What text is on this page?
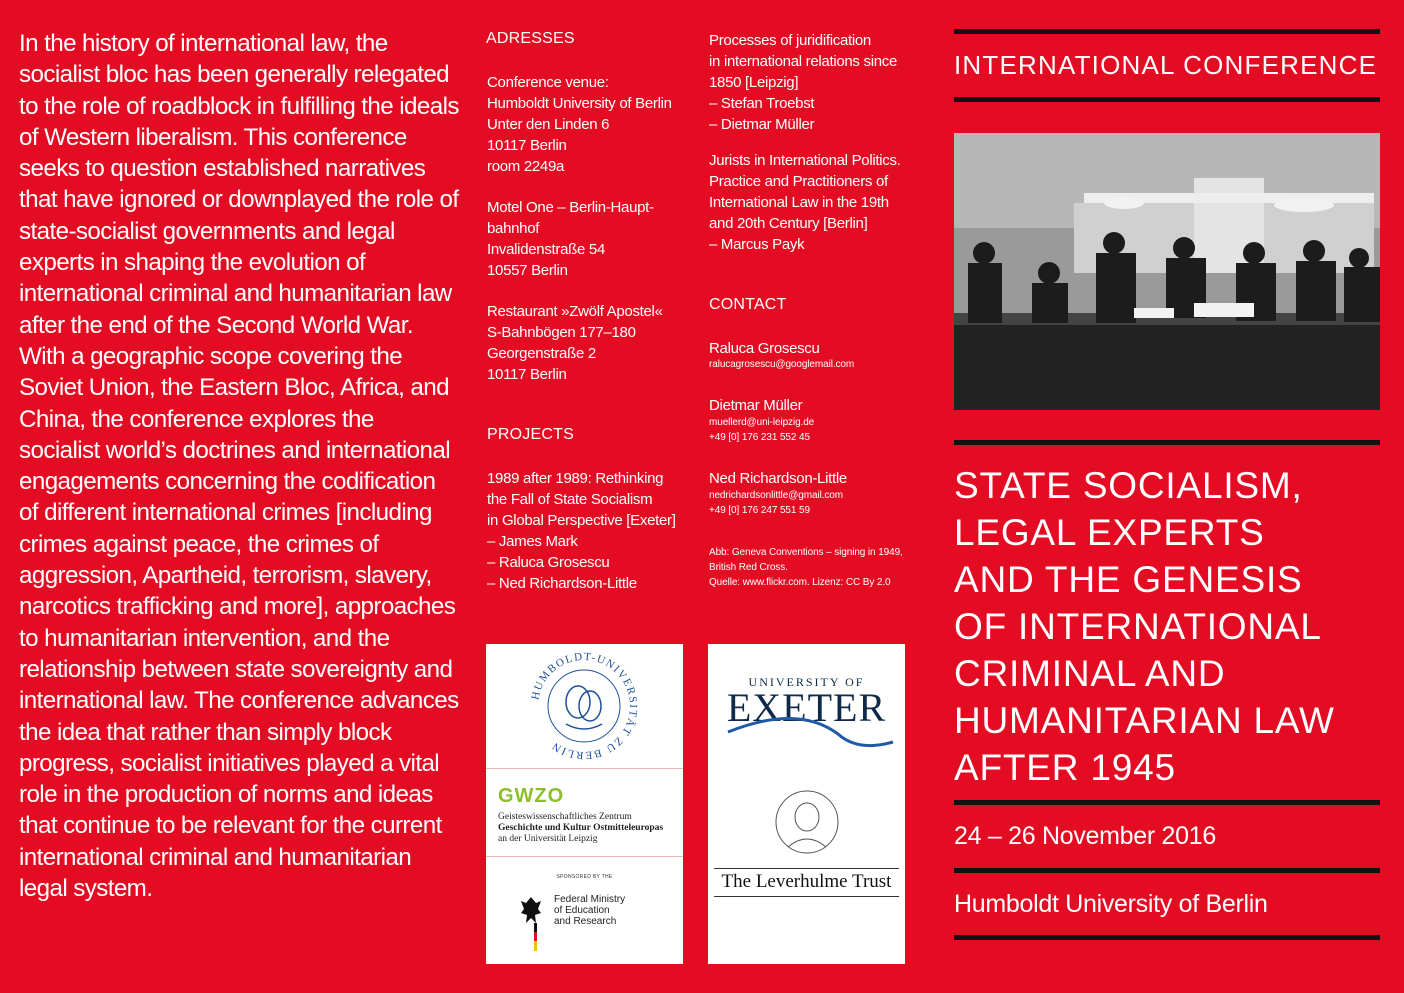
In the history of international law, the socialist bloc has been generally relegated to the role of roadblock in fulfilling the ideals of Western liberalism. This conference seeks to question established narratives that have ignored or downplayed the role of state-socialist governments and legal experts in shaping the evolution of international criminal and humanitarian law after the end of the Second World War. With a geographic scope covering the Soviet Union, the Eastern Bloc, Africa, and China, the conference explores the socialist world’s doctrines and international engagements concerning the codification of different international crimes [including crimes against peace, the crimes of aggression, Apartheid, terrorism, slavery, narcotics trafficking and more], approaches to humanitarian intervention, and the relationship between state sovereignty and international law. The conference advances the idea that rather than simply block progress, socialist initiatives played a vital role in the production of norms and ideas that continue to be relevant for the current international criminal and humanitarian legal system.

ADRESSES

Conference venue:
Humboldt University of Berlin
Unter den Linden 6
10117 Berlin
room 2249a

Motel One – Berlin-Haupt-
bahnhof
Invalidenstraße 54
10557 Berlin

Restaurant »Zwölf Apostel«
S-Bahnbögen 177–180
Georgenstraße 2
10117 Berlin

PROJECTS

1989 after 1989: Rethinking
the Fall of State Socialism
in Global Perspective [Exeter]
– James Mark
– Raluca Grosescu
– Ned Richardson-Little

Processes of juridification
in international relations since
1850 [Leipzig]
– Stefan Troebst
– Dietmar Müller

Jurists in International Politics.
Practice and Practitioners of
International Law in the 19th
and 20th Century [Berlin]
– Marcus Payk

CONTACT

Raluca Grosescu

ralucagrosescu@googlemail.com

Dietmar Müller

muellerd@uni-leipzig.de
+49 [0] 176 231 552 45

Ned Richardson-Little

nedrichardsonlittle@gmail.com
+49 [0] 176 247 551 59

Abb: Geneva Conventions – signing in 1949,
British Red Cross.
Quelle: www.flickr.com. Lizenz: CC By 2.0

HUMBOLDT-UNIVERSITÄT ZU BERLIN
GWZO
Geisteswissenschaftliches Zentrum
Geschichte und Kultur Ostmitteleuropas
an der Universität Leipzig
SPONSORED BY THE
Federal Ministry
of Education
and Research
UNIVERSITY OF
EXETER
The Leverhulme Trust

INTERNATIONAL CONFERENCE

STATE SOCIALISM,
LEGAL EXPERTS
AND THE GENESIS
OF INTERNATIONAL
CRIMINAL AND
HUMANITARIAN LAW
AFTER 1945

24 – 26 November 2016

Humboldt University of Berlin
